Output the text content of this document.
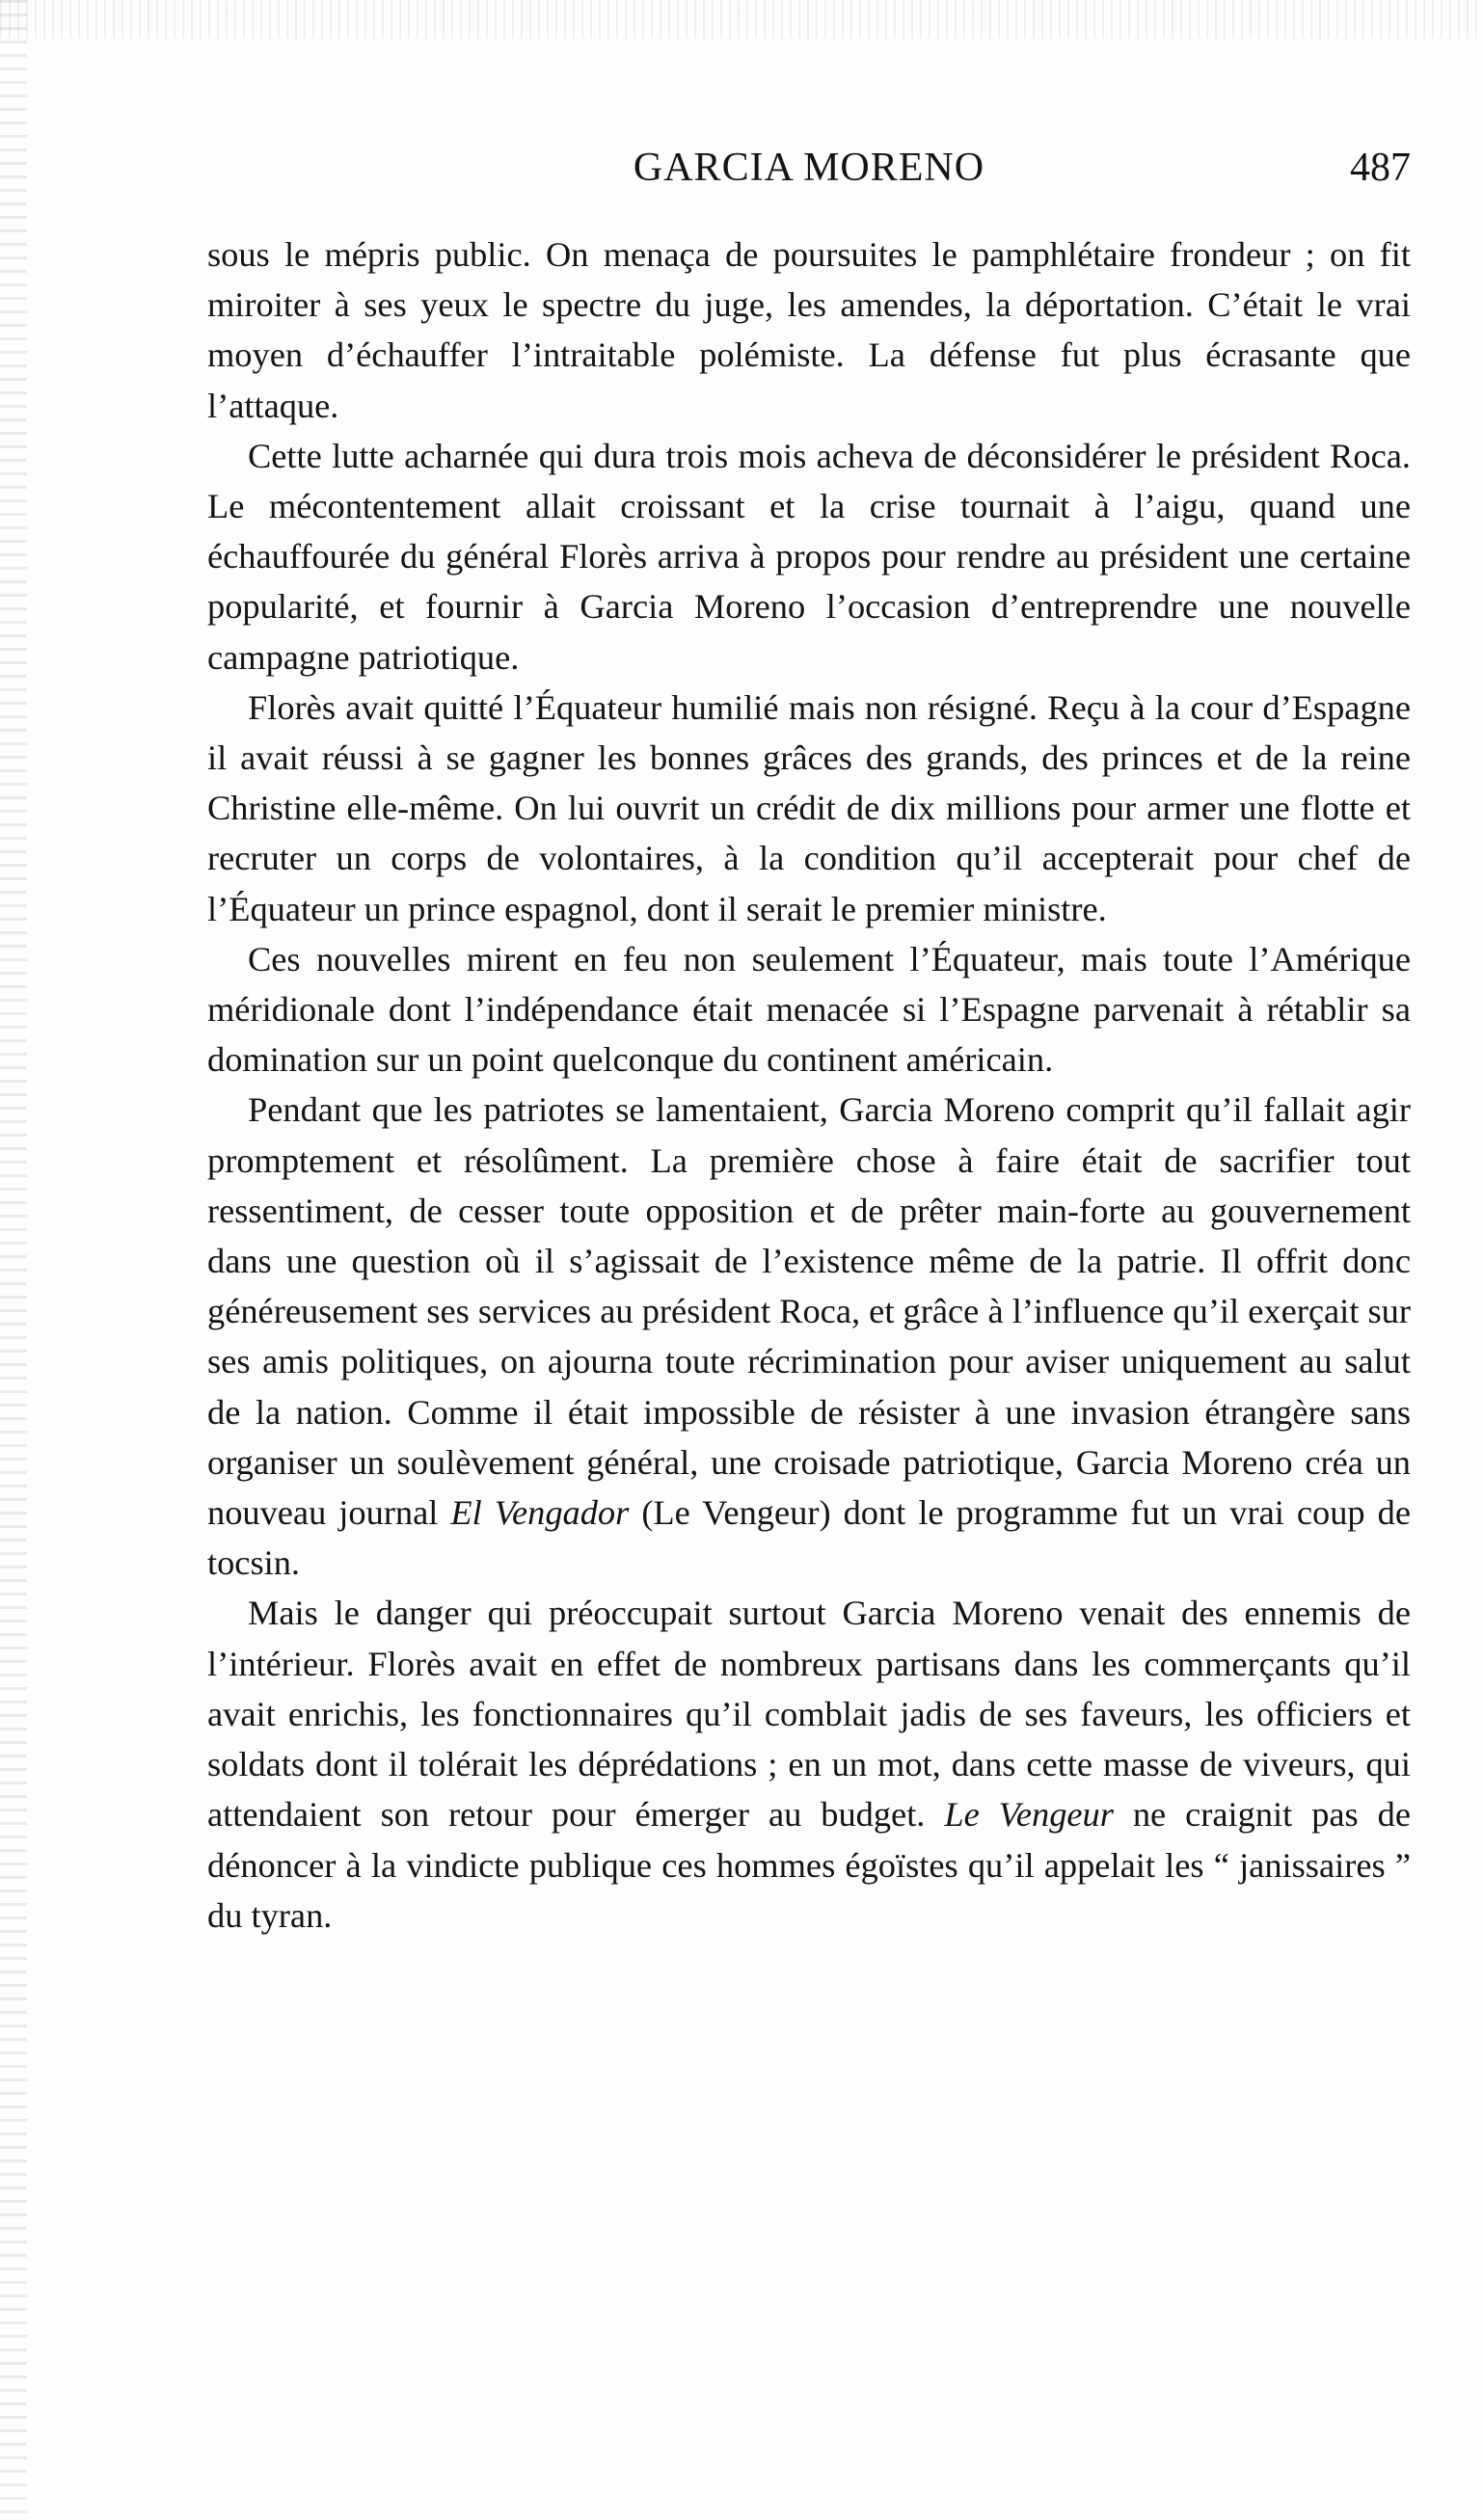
GARCIA MORENO	487

sous le mépris public. On menaça de poursuites le pamphlétaire frondeur ; on fit miroiter à ses yeux le spectre du juge, les amendes, la déportation. C’était le vrai moyen d’échauffer l’intraitable polémiste. La défense fut plus écrasante que l’attaque.

Cette lutte acharnée qui dura trois mois acheva de déconsidérer le président Roca. Le mécontentement allait croissant et la crise tournait à l’aigu, quand une échauffourée du général Florès arriva à propos pour rendre au président une certaine popularité, et fournir à Garcia Moreno l’occasion d’entreprendre une nouvelle campagne patriotique.

Florès avait quitté l’Équateur humilié mais non résigné. Reçu à la cour d’Espagne il avait réussi à se gagner les bonnes grâces des grands, des princes et de la reine Christine elle-même. On lui ouvrit un crédit de dix millions pour armer une flotte et recruter un corps de volontaires, à la condition qu’il accepterait pour chef de l’Équateur un prince espagnol, dont il serait le premier ministre.

Ces nouvelles mirent en feu non seulement l’Équateur, mais toute l’Amérique méridionale dont l’indépendance était menacée si l’Espagne parvenait à rétablir sa domination sur un point quelconque du continent américain.

Pendant que les patriotes se lamentaient, Garcia Moreno comprit qu’il fallait agir promptement et résolûment. La première chose à faire était de sacrifier tout ressentiment, de cesser toute opposition et de prêter main-forte au gouvernement dans une question où il s’agissait de l’existence même de la patrie. Il offrit donc généreusement ses services au président Roca, et grâce à l’influence qu’il exerçait sur ses amis politiques, on ajourna toute récrimination pour aviser uniquement au salut de la nation. Comme il était impossible de résister à une invasion étrangère sans organiser un soulèvement général, une croisade patriotique, Garcia Moreno créa un nouveau journal El Vengador (Le Vengeur) dont le programme fut un vrai coup de tocsin.

Mais le danger qui préoccupait surtout Garcia Moreno venait des ennemis de l’intérieur. Florès avait en effet de nombreux partisans dans les commerçants qu’il avait enrichis, les fonctionnaires qu’il comblait jadis de ses faveurs, les officiers et soldats dont il tolérait les déprédations ; en un mot, dans cette masse de viveurs, qui attendaient son retour pour émerger au budget. Le Vengeur ne craignit pas de dénoncer à la vindicte publique ces hommes égoïstes qu’il appelait les “ janissaires ” du tyran.
